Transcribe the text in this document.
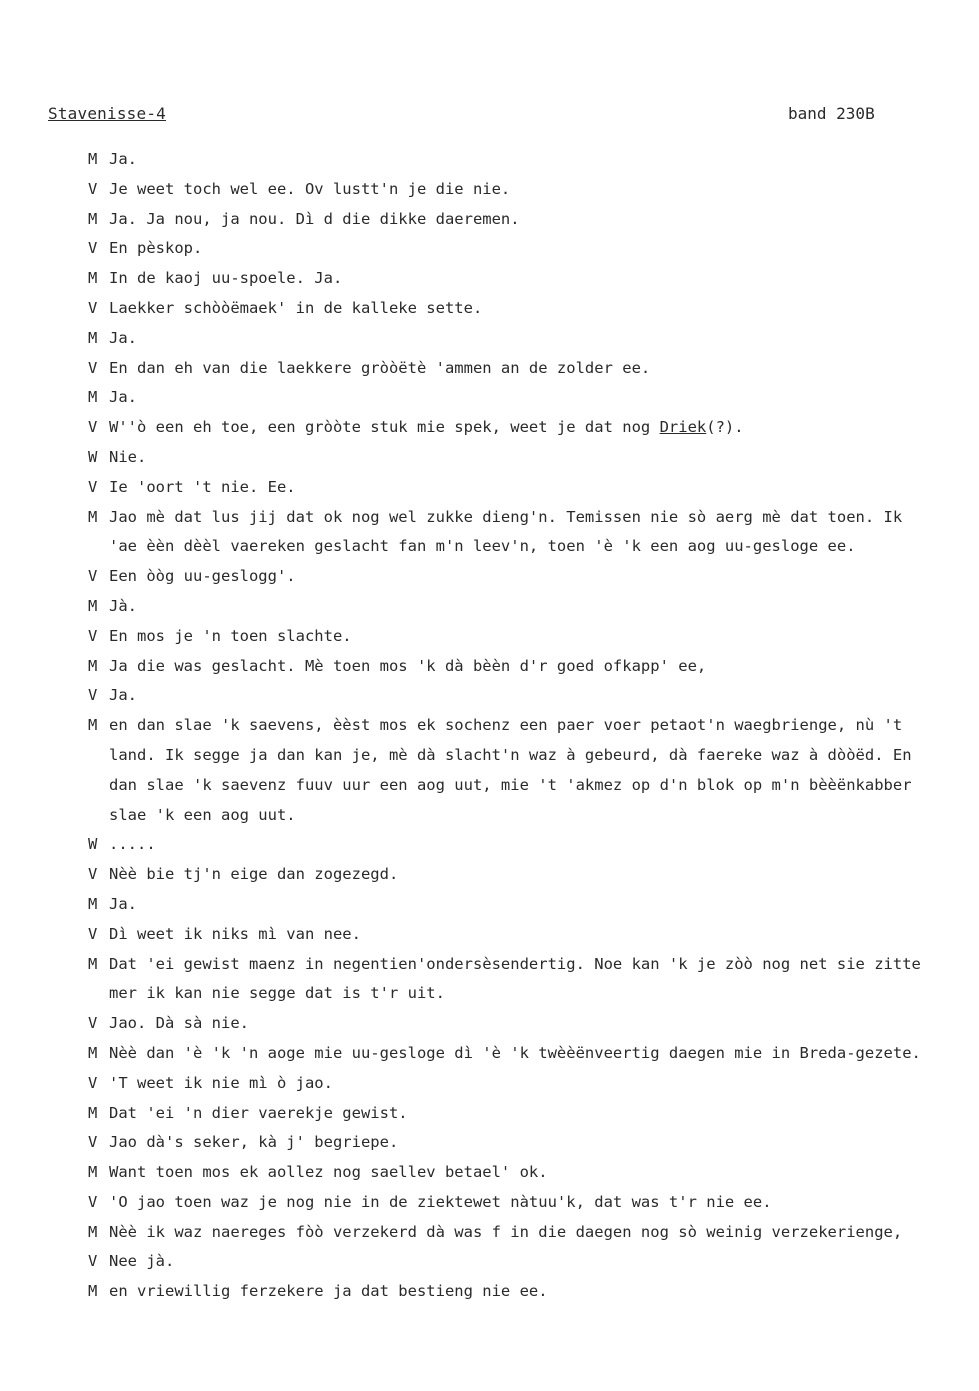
Stavenisse-4	band 230B
M Ja.
V Je weet toch wel ee. Ov lustt'n je die nie.
M Ja. Ja nou, ja nou. Dì d die dikke daeremen.
V En pèskop.
M In de kaoj uu-spoele. Ja.
V Laekker schòòëmaek' in de kalleke sette.
M Ja.
V En dan eh van die laekkere gròòëtè 'ammen an de zolder ee.
M Ja.
V W''ò een eh toe, een gròòte stuk mie spek, weet je dat nog Driek(?).
W Nie.
V Ie 'oort 't nie. Ee.
M Jao mè dat lus jij dat ok nog wel zukke dieng'n. Temissen nie sò aerg mè dat toen. Ik
'ae èèn dèèl vaereken geslacht fan m'n leev'n, toen 'è 'k een aog uu-gesloge ee.
V Een òòg uu-geslogg'.
M Jà.
V En mos je 'n toen slachte.
M Ja die was geslacht. Mè toen mos 'k dà bèèn d'r goed ofkapp' ee,
V Ja.
M en dan slae 'k saevens, èèst mos ek sochenz een paer voer petaot'n waegbrienge, nù 't
land. Ik segge ja dan kan je, mè dà slacht'n waz à gebeurd, dà faereke waz à dòòëd. En
dan slae 'k saevenz fuuv uur een aog uut, mie 't 'akmez op d'n blok op m'n bèèënkabber
slae 'k een aog uut.
W .....
V Nèè bie tj'n eige dan zogezegd.
M Ja.
V Dì weet ik niks mì van nee.
M Dat 'ei gewist maenz in negentien'ondersèsendertig. Noe kan 'k je zòò nog net sie zitte
mer ik kan nie segge dat is t'r uit.
V Jao. Dà sà nie.
M Nèè dan 'è 'k 'n aoge mie uu-gesloge dì 'è 'k twèèënveertig daegen mie in Breda-gezete.
V 'T weet ik nie mì ò jao.
M Dat 'ei 'n dier vaerekje gewist.
V Jao dà's seker, kà j' begriepe.
M Want toen mos ek aollez nog saellev betael' ok.
V 'O jao toen waz je nog nie in de ziektewet nàtuu'k, dat was t'r nie ee.
M Nèè ik waz naereges fòò verzekerd dà was f in die daegen nog sò weinig verzekerienge,
V Nee jà.
M en vriewillig ferzekere ja dat bestieng nie ee.
